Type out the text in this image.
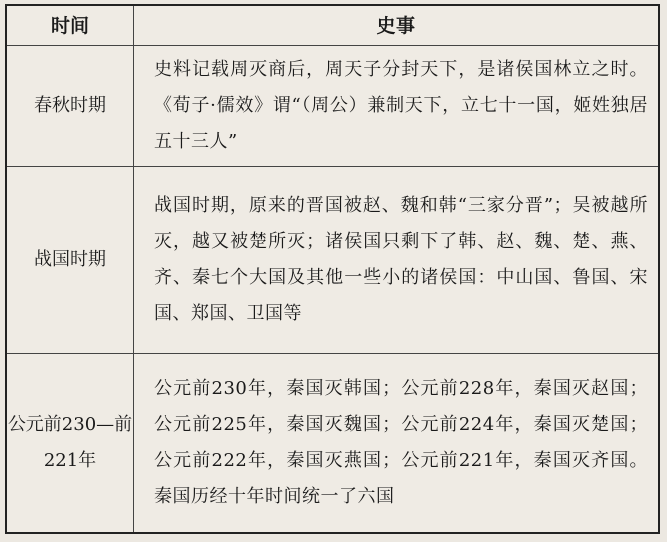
时间	史事
春秋时期
史料记载周灭商后，周天子分封天下，是诸侯国林立之时。《荀子·儒效》谓“（周公）兼制天下，立七十一国，姬姓独居五十三人”
战国时期
战国时期，原来的晋国被赵、魏和韩“三家分晋”；吴被越所灭，越又被楚所灭；诸侯国只剩下了韩、赵、魏、楚、燕、齐、秦七个大国及其他一些小的诸侯国：中山国、鲁国、宋国、郑国、卫国等
公元前230—前221年
公元前230年，秦国灭韩国；公元前228年，秦国灭赵国；公元前225年，秦国灭魏国；公元前224年，秦国灭楚国；公元前222年，秦国灭燕国；公元前221年，秦国灭齐国。秦国历经十年时间统一了六国
